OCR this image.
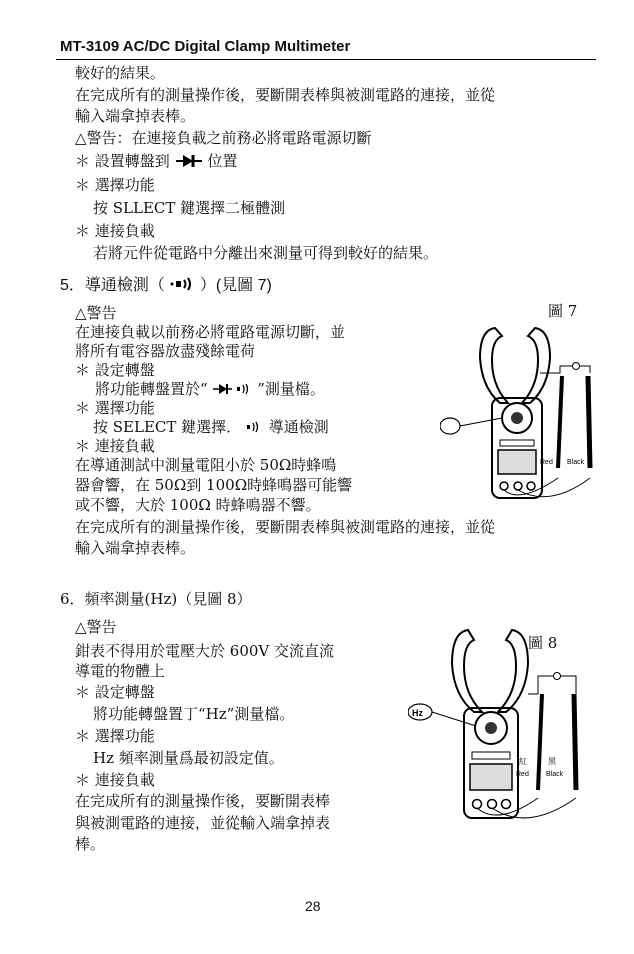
MT-3109 AC/DC Digital Clamp Multimeter
較好的結果。
在完成所有的測量操作後，要斷開表棒與被測電路的連接，並從
輸入端拿掉表棒。
△警告：在連接負載之前務必將電路電源切斷
＊ 設置轉盤到	位置
＊ 選擇功能
按 SLLECT 鍵選擇二極體測
＊ 連接負載
若將元件從電路中分離出來測量可得到較好的結果。
5．導通檢測（ ）(見圖 7)
△警告
在連接負載以前務必將電路電源切斷，並
將所有電容器放盡殘餘電荷
＊ 設定轉盤
將功能轉盤置於“	”測量檔。
＊ 選擇功能
按 SELECT 鍵選擇． 導通檢測
＊ 連接負載
在導通測試中測量電阻小於 50Ω時蜂鳴
器會響，在 50Ω到 100Ω時蜂鳴器可能響
或不響，大於 100Ω 時蜂鳴器不響。
在完成所有的測量操作後，要斷開表棒與被測電路的連接，並從
輸入端拿掉表棒。
圖 7
Red Black
6．頻率測量(Hz)（見圖 8）
△警告
鉗表不得用於電壓大於 600V 交流直流
導電的物體上
＊ 設定轉盤
將功能轉盤置丁“Hz”測量檔。
＊ 選擇功能
Hz 頻率測量爲最初設定值。
＊ 連接負載
在完成所有的測量操作後，要斷開表棒
與被測電路的連接，並從輸入端拿掉表
棒。
圖 8
Hz
紅	黑
Red Black
28
